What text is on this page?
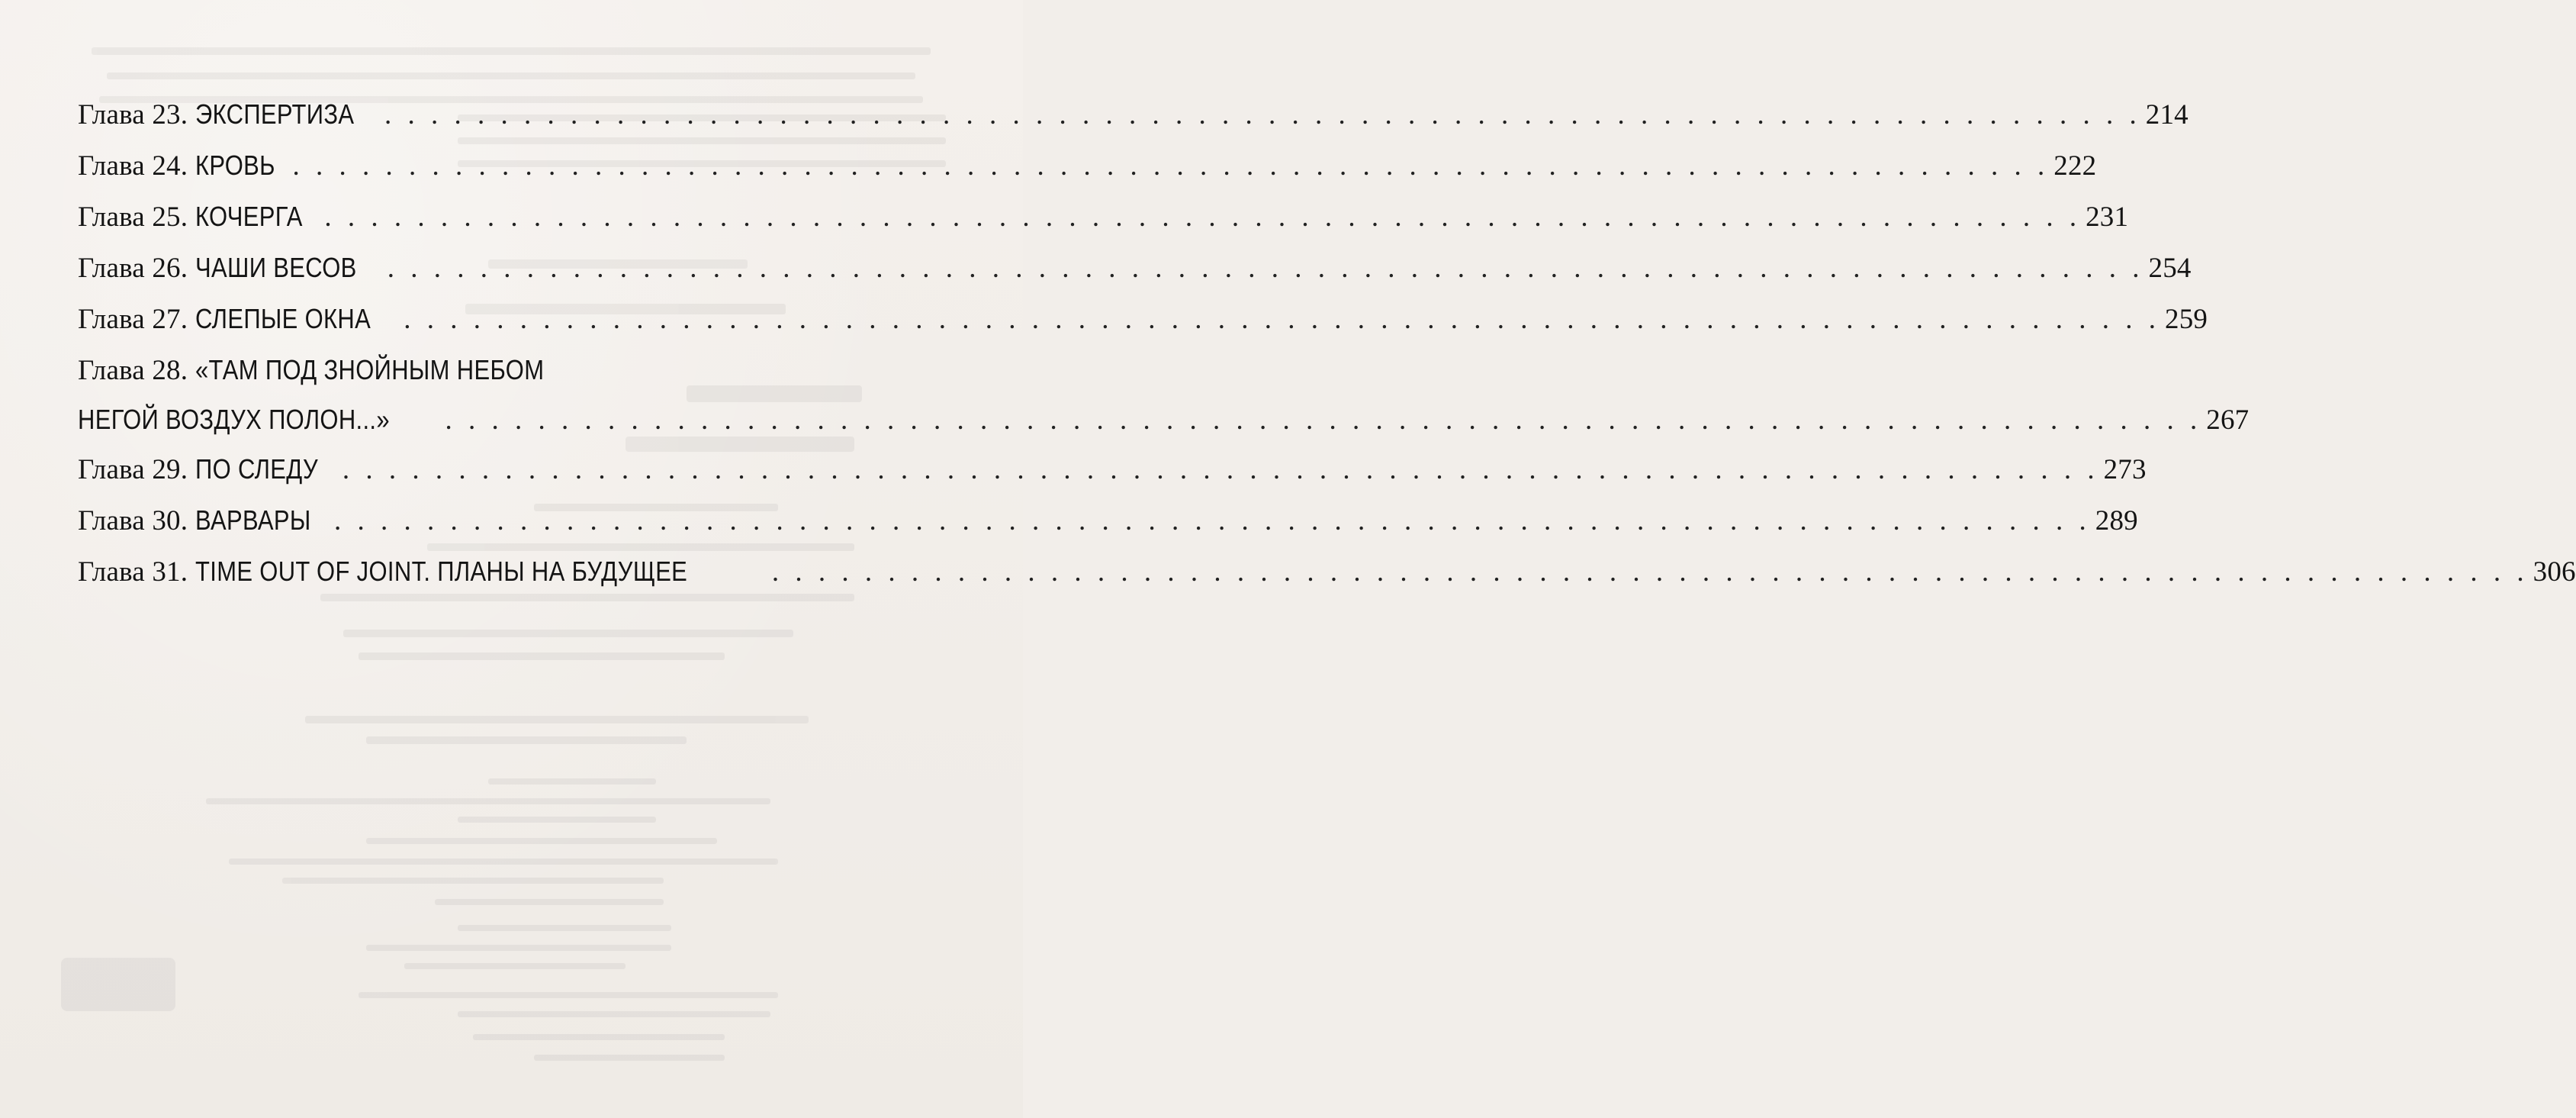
Глава 23. ЭКСПЕРТИЗА	. . . . . . . . . . . . . . . . . . . . . . . . . . . . . . . . . . . . . . . . . . . . . . . . . . . . . . . . . . . . . . . . . . . . . . . . . . . . 214
Глава 24. КРОВЬ . . . . . . . . . . . . . . . . . . . . . . . . . . . . . . . . . . . . . . . . . . . . . . . . . . . . . . . . . . . . . . . . . . . . . . . . . . . . 222
Глава 25. КОЧЕРГА . . . . . . . . . . . . . . . . . . . . . . . . . . . . . . . . . . . . . . . . . . . . . . . . . . . . . . . . . . . . . . . . . . . . . . . . . . . . 231
Глава 26. ЧАШИ ВЕСОВ	. . . . . . . . . . . . . . . . . . . . . . . . . . . . . . . . . . . . . . . . . . . . . . . . . . . . . . . . . . . . . . . . . . . . . . . . . . . . 254
Глава 27. СЛЕПЫЕ ОКНА	. . . . . . . . . . . . . . . . . . . . . . . . . . . . . . . . . . . . . . . . . . . . . . . . . . . . . . . . . . . . . . . . . . . . . . . . . . . . 259
Глава 28. «ТАМ ПОД ЗНОЙНЫМ НЕБОМ
НЕГОЙ ВОЗДУХ ПОЛОН...»	. . . . . . . . . . . . . . . . . . . . . . . . . . . . . . . . . . . . . . . . . . . . . . . . . . . . . . . . . . . . . . . . . . . . . . . . . . . . 267
Глава 29. ПО СЛЕДУ . . . . . . . . . . . . . . . . . . . . . . . . . . . . . . . . . . . . . . . . . . . . . . . . . . . . . . . . . . . . . . . . . . . . . . . . . . . . 273
Глава 30. ВАРВАРЫ . . . . . . . . . . . . . . . . . . . . . . . . . . . . . . . . . . . . . . . . . . . . . . . . . . . . . . . . . . . . . . . . . . . . . . . . . . . . 289
Глава 31. TIME OUT OF JOINT. ПЛАНЫ НА БУДУЩЕЕ	. . . . . . . . . . . . . . . . . . . . . . . . . . . . . . . . . . . . . . . . . . . . . . . . . . . . . . . . . . . . . . . . . . . . . . . . . . . . 306
